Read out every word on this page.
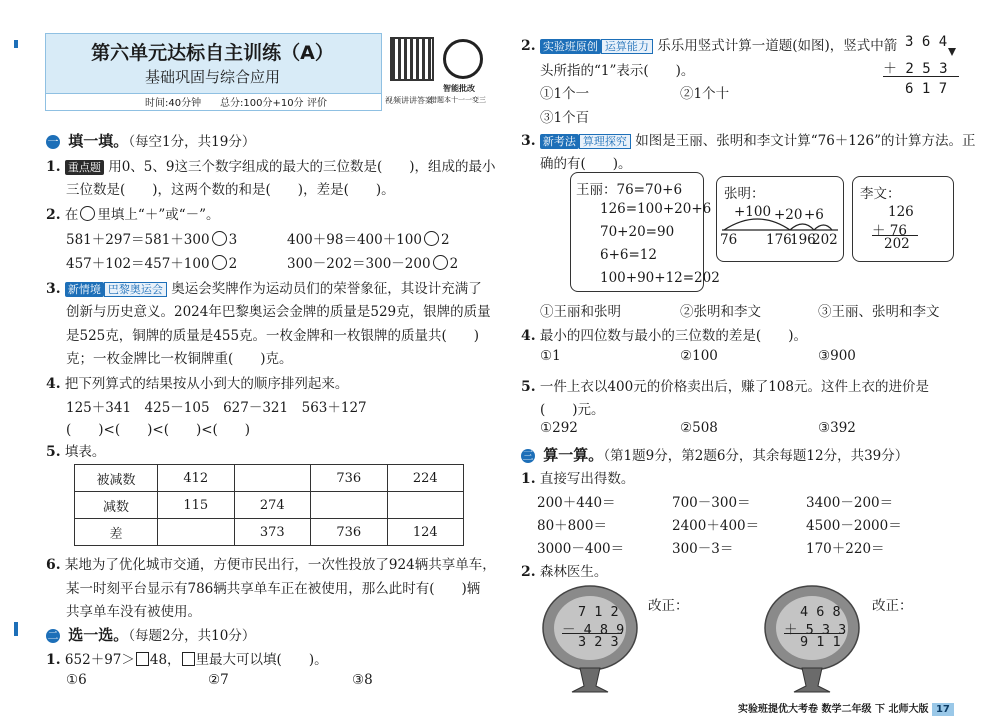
第六单元达标自主训练（A）
基础巩固与综合应用
时间:40分钟 总分:100分+10分 评价	视频讲讲答案
智能批改
错题本十一一变三
一 填一填。（每空1分，共19分）
1. 重点题 用0、5、9这三个数字组成的最大的三位数是(　　)，组成的最小
三位数是(　　)，这两个数的和是(　　)，差是(　　)。
2. 在 里填上“＋”或“－”。
581＋297＝581＋300 3	400＋98＝400＋100 2
457＋102＝457＋100 2	300－202＝300－200 2
3. 新情境 巴黎奥运会 奥运会奖牌作为运动员们的荣誉象征，其设计充满了
创新与历史意义。2024年巴黎奥运会金牌的质量是529克，银牌的质量
是525克，铜牌的质量是455克。一枚金牌和一枚银牌的质量共(　　)
克；一枚金牌比一枚铜牌重(　　)克。
4. 把下列算式的结果按从小到大的顺序排列起来。
125＋341　425－105　627－321　563＋127
(　　)<(　　)<(　　)<(　　)
5. 填表。
被减数	412		736	224
减数	115	274		
差		373	736	124
6. 某地为了优化城市交通，方便市民出行，一次性投放了924辆共享单车，
某一时刻平台显示有786辆共享单车正在被使用，那么此时有(　　)辆
共享单车没有被使用。
二 选一选。（每题2分，共10分）
1. 652＋97＞ 48， 里最大可以填(　　)。
①6	②7	③8
2. 实验班原创 运算能力 乐乐用竖式计算一道题(如图)，竖式中箭
头所指的“1”表示(　　)。
①1个一	②1个十
③1个百
3 6 4
＋ 2 5 3
6 1 7
3. 新考法 算理探究 如图是王丽、张明和李文计算“76＋126”的计算方法。正
确的有(　　)。
王丽：76=70+6
126=100+20+6
70+20=90
6+6=12
100+90+12=202
张明：
+100 +20 +6
76 176
196
202
李文：
126
＋ 76
202
①王丽和张明	②张明和李文	③王丽、张明和李文
4. 最小的四位数与最小的三位数的差是(　　)。
①1	②100	③900
5. 一件上衣以400元的价格卖出后，赚了108元。这件上衣的进价是
(　　)元。
①292	②508	③392
三 算一算。（第1题9分，第2题6分，其余每题12分，共39分）
1. 直接写出得数。
200＋440＝	700－300＝	3400－200＝
80＋800＝	2400＋400＝	4500－2000＝
3000－400＝	300－3＝	170＋220＝
2. 森林医生。
7 1 2
－ 4 8 9
3 2 3
改正：	4 6 8
＋ 5 3 3
9 1 1
改正：
实验班提优大考卷 数学二年级 下 北师大版 17
